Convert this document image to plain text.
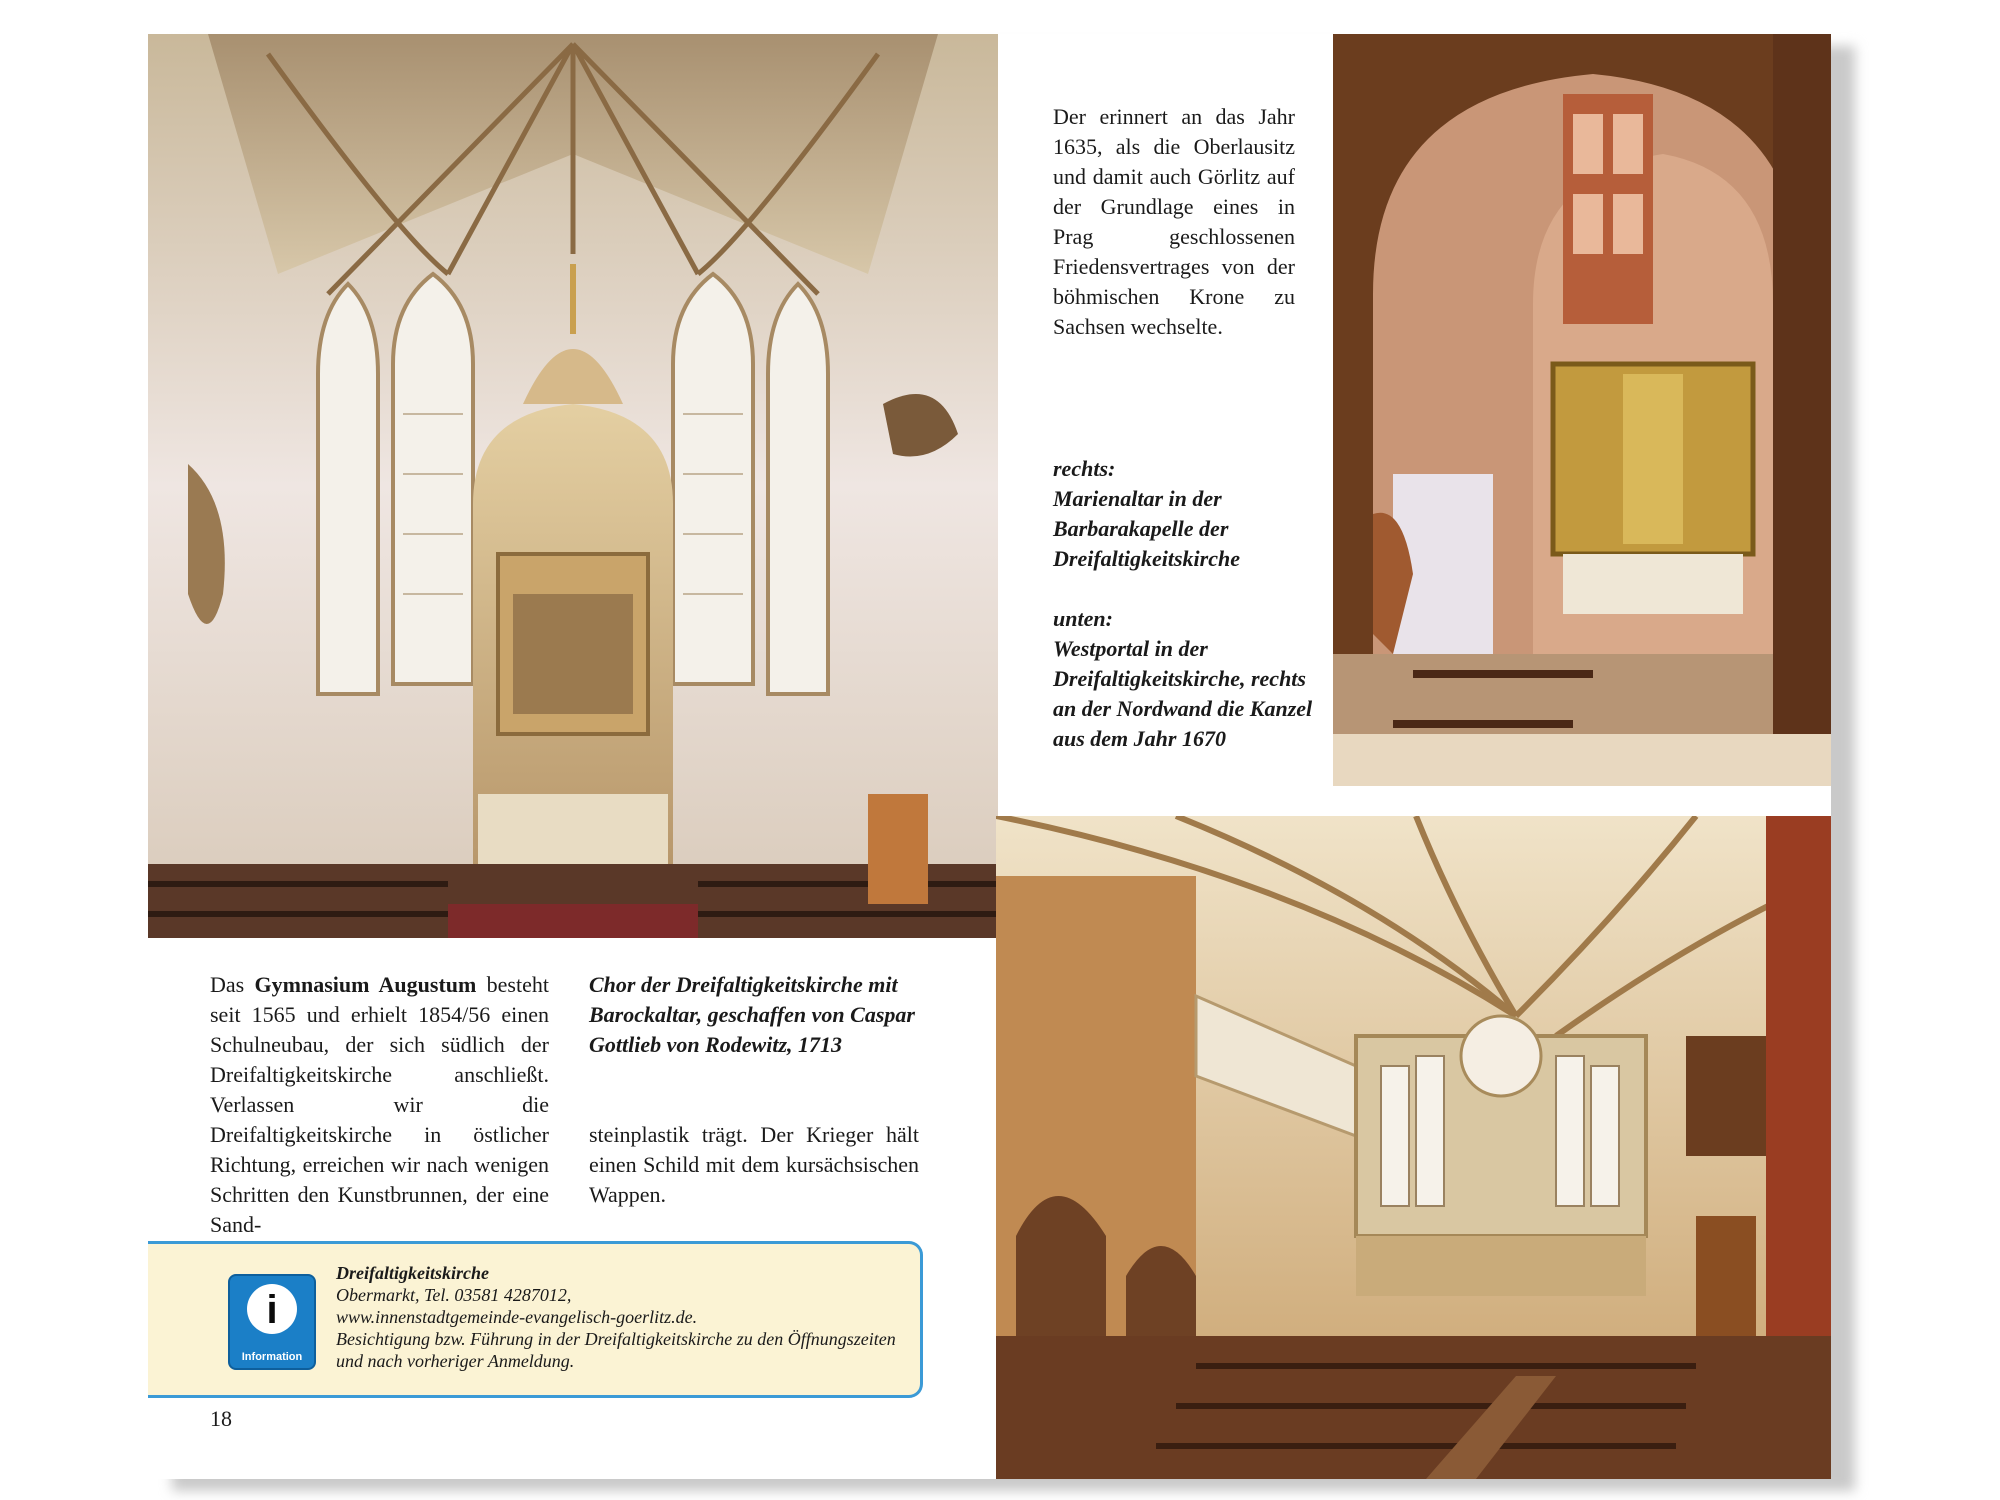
Der erinnert an das Jahr 1635, als die Oberlausitz und damit auch Görlitz auf der Grundlage eines in Prag geschlossenen Friedensvertrages von der böhmischen Krone zu Sachsen wechselte.

rechts:

Marienaltar in der Barbarakapelle der Dreifaltigkeitskirche

unten:

Westportal in der Dreifaltigkeitskirche, rechts an der Nordwand die Kanzel aus dem Jahr 1670

Das Gymnasium Augustum besteht seit 1565 und erhielt 1854/56 einen Schulneubau, der sich südlich der Dreifaltigkeitskirche anschließt. Verlassen wir die Dreifaltigkeitskirche in östlicher Richtung, erreichen wir nach wenigen Schritten den Kunstbrunnen, der eine Sand-

Chor der Dreifaltigkeitskirche mit Barockaltar, geschaffen von Caspar Gottlieb von Rodewitz, 1713

steinplastik trägt. Der Krieger hält einen Schild mit dem kursächsischen Wappen.

i
Information
Dreifaltigkeitskirche
Obermarkt, Tel. 03581 4287012,
www.innenstadtgemeinde-evangelisch-goerlitz.de.
Besichtigung bzw. Führung in der Dreifaltigkeitskirche zu den Öffnungszeiten und nach vorheriger Anmeldung.
18
